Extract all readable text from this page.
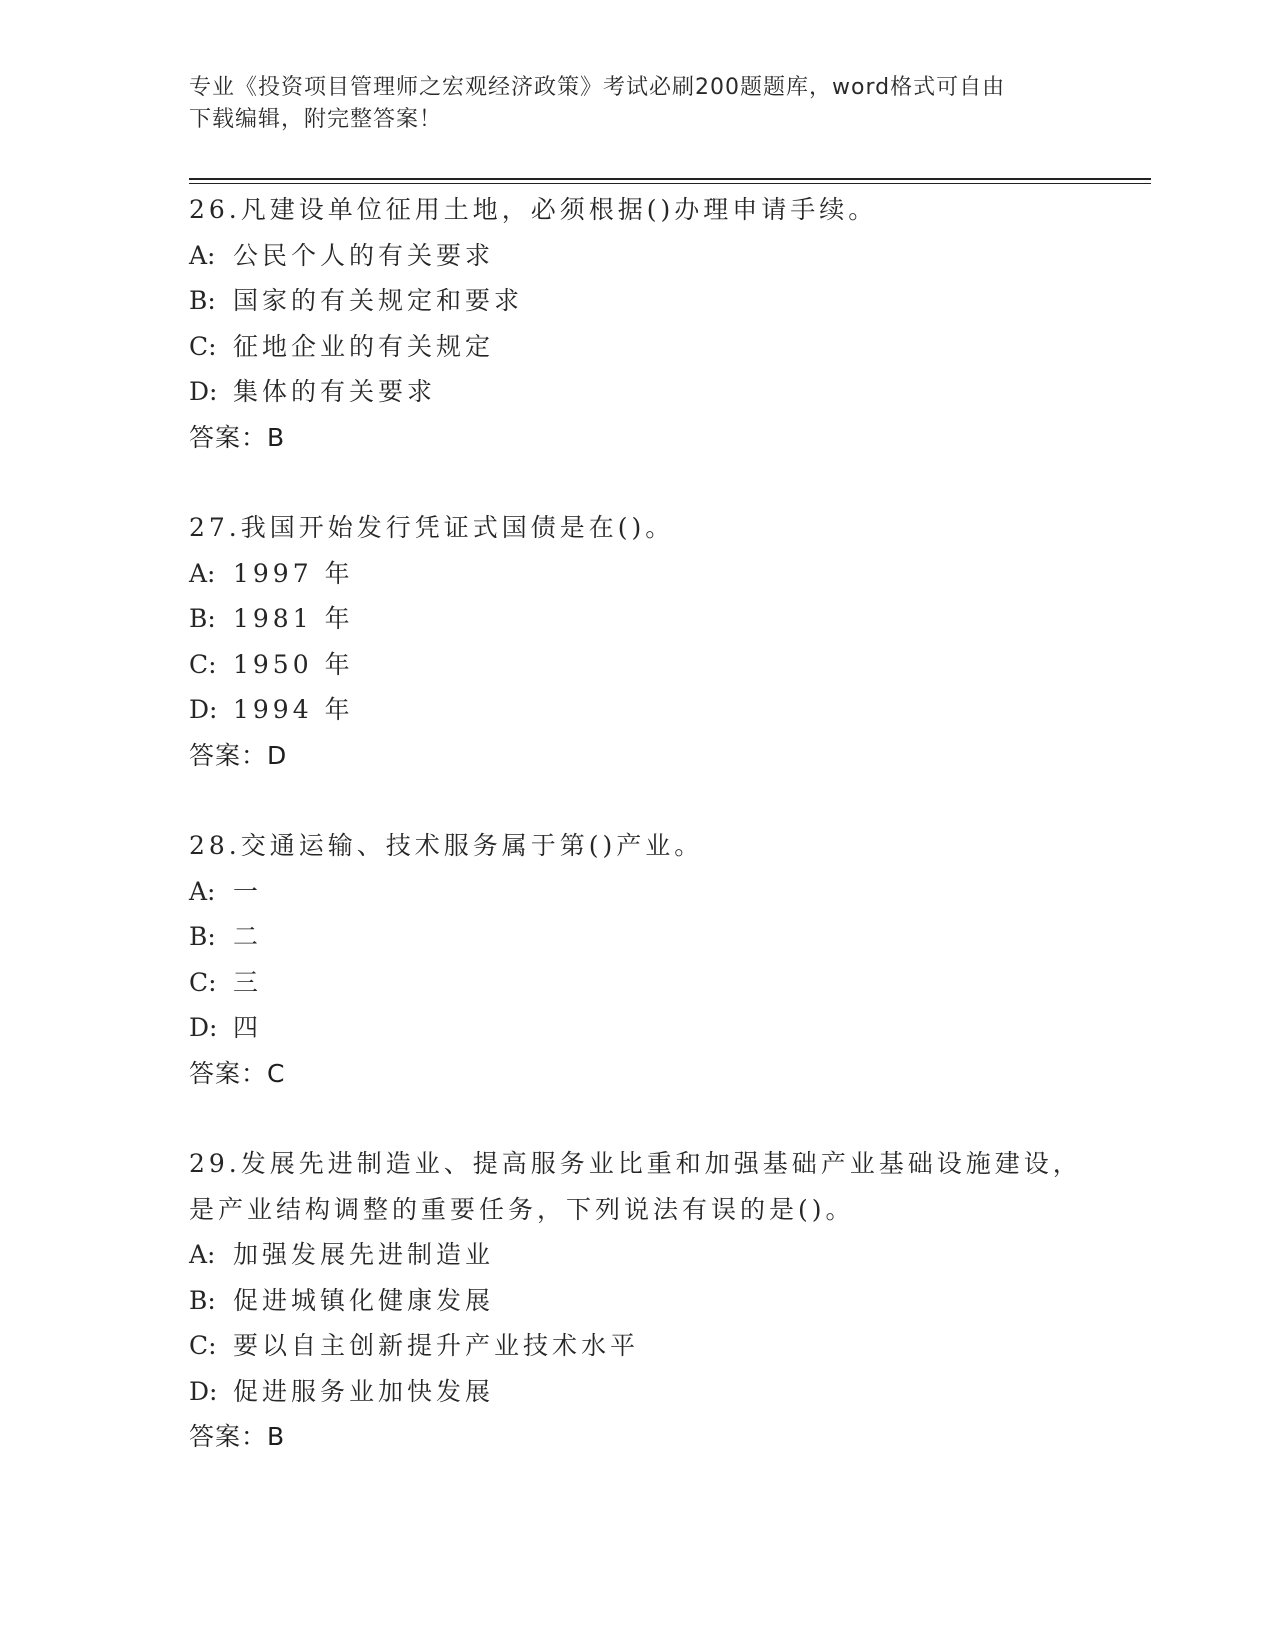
专业《投资项目管理师之宏观经济政策》考试必刷200题题库，word格式可自由
下载编辑，附完整答案！
26.凡建设单位征用土地，必须根据()办理申请手续。
A: 公民个人的有关要求
B: 国家的有关规定和要求
C: 征地企业的有关规定
D: 集体的有关要求
答案：B
27.我国开始发行凭证式国债是在()。
A: 1997 年
B: 1981 年
C: 1950 年
D: 1994 年
答案：D
28.交通运输、技术服务属于第()产业。
A: 一
B: 二
C: 三
D: 四
答案：C
29.发展先进制造业、提高服务业比重和加强基础产业基础设施建设，是产业结构调整的重要任务，下列说法有误的是()。
A: 加强发展先进制造业
B: 促进城镇化健康发展
C: 要以自主创新提升产业技术水平
D: 促进服务业加快发展
答案：B
